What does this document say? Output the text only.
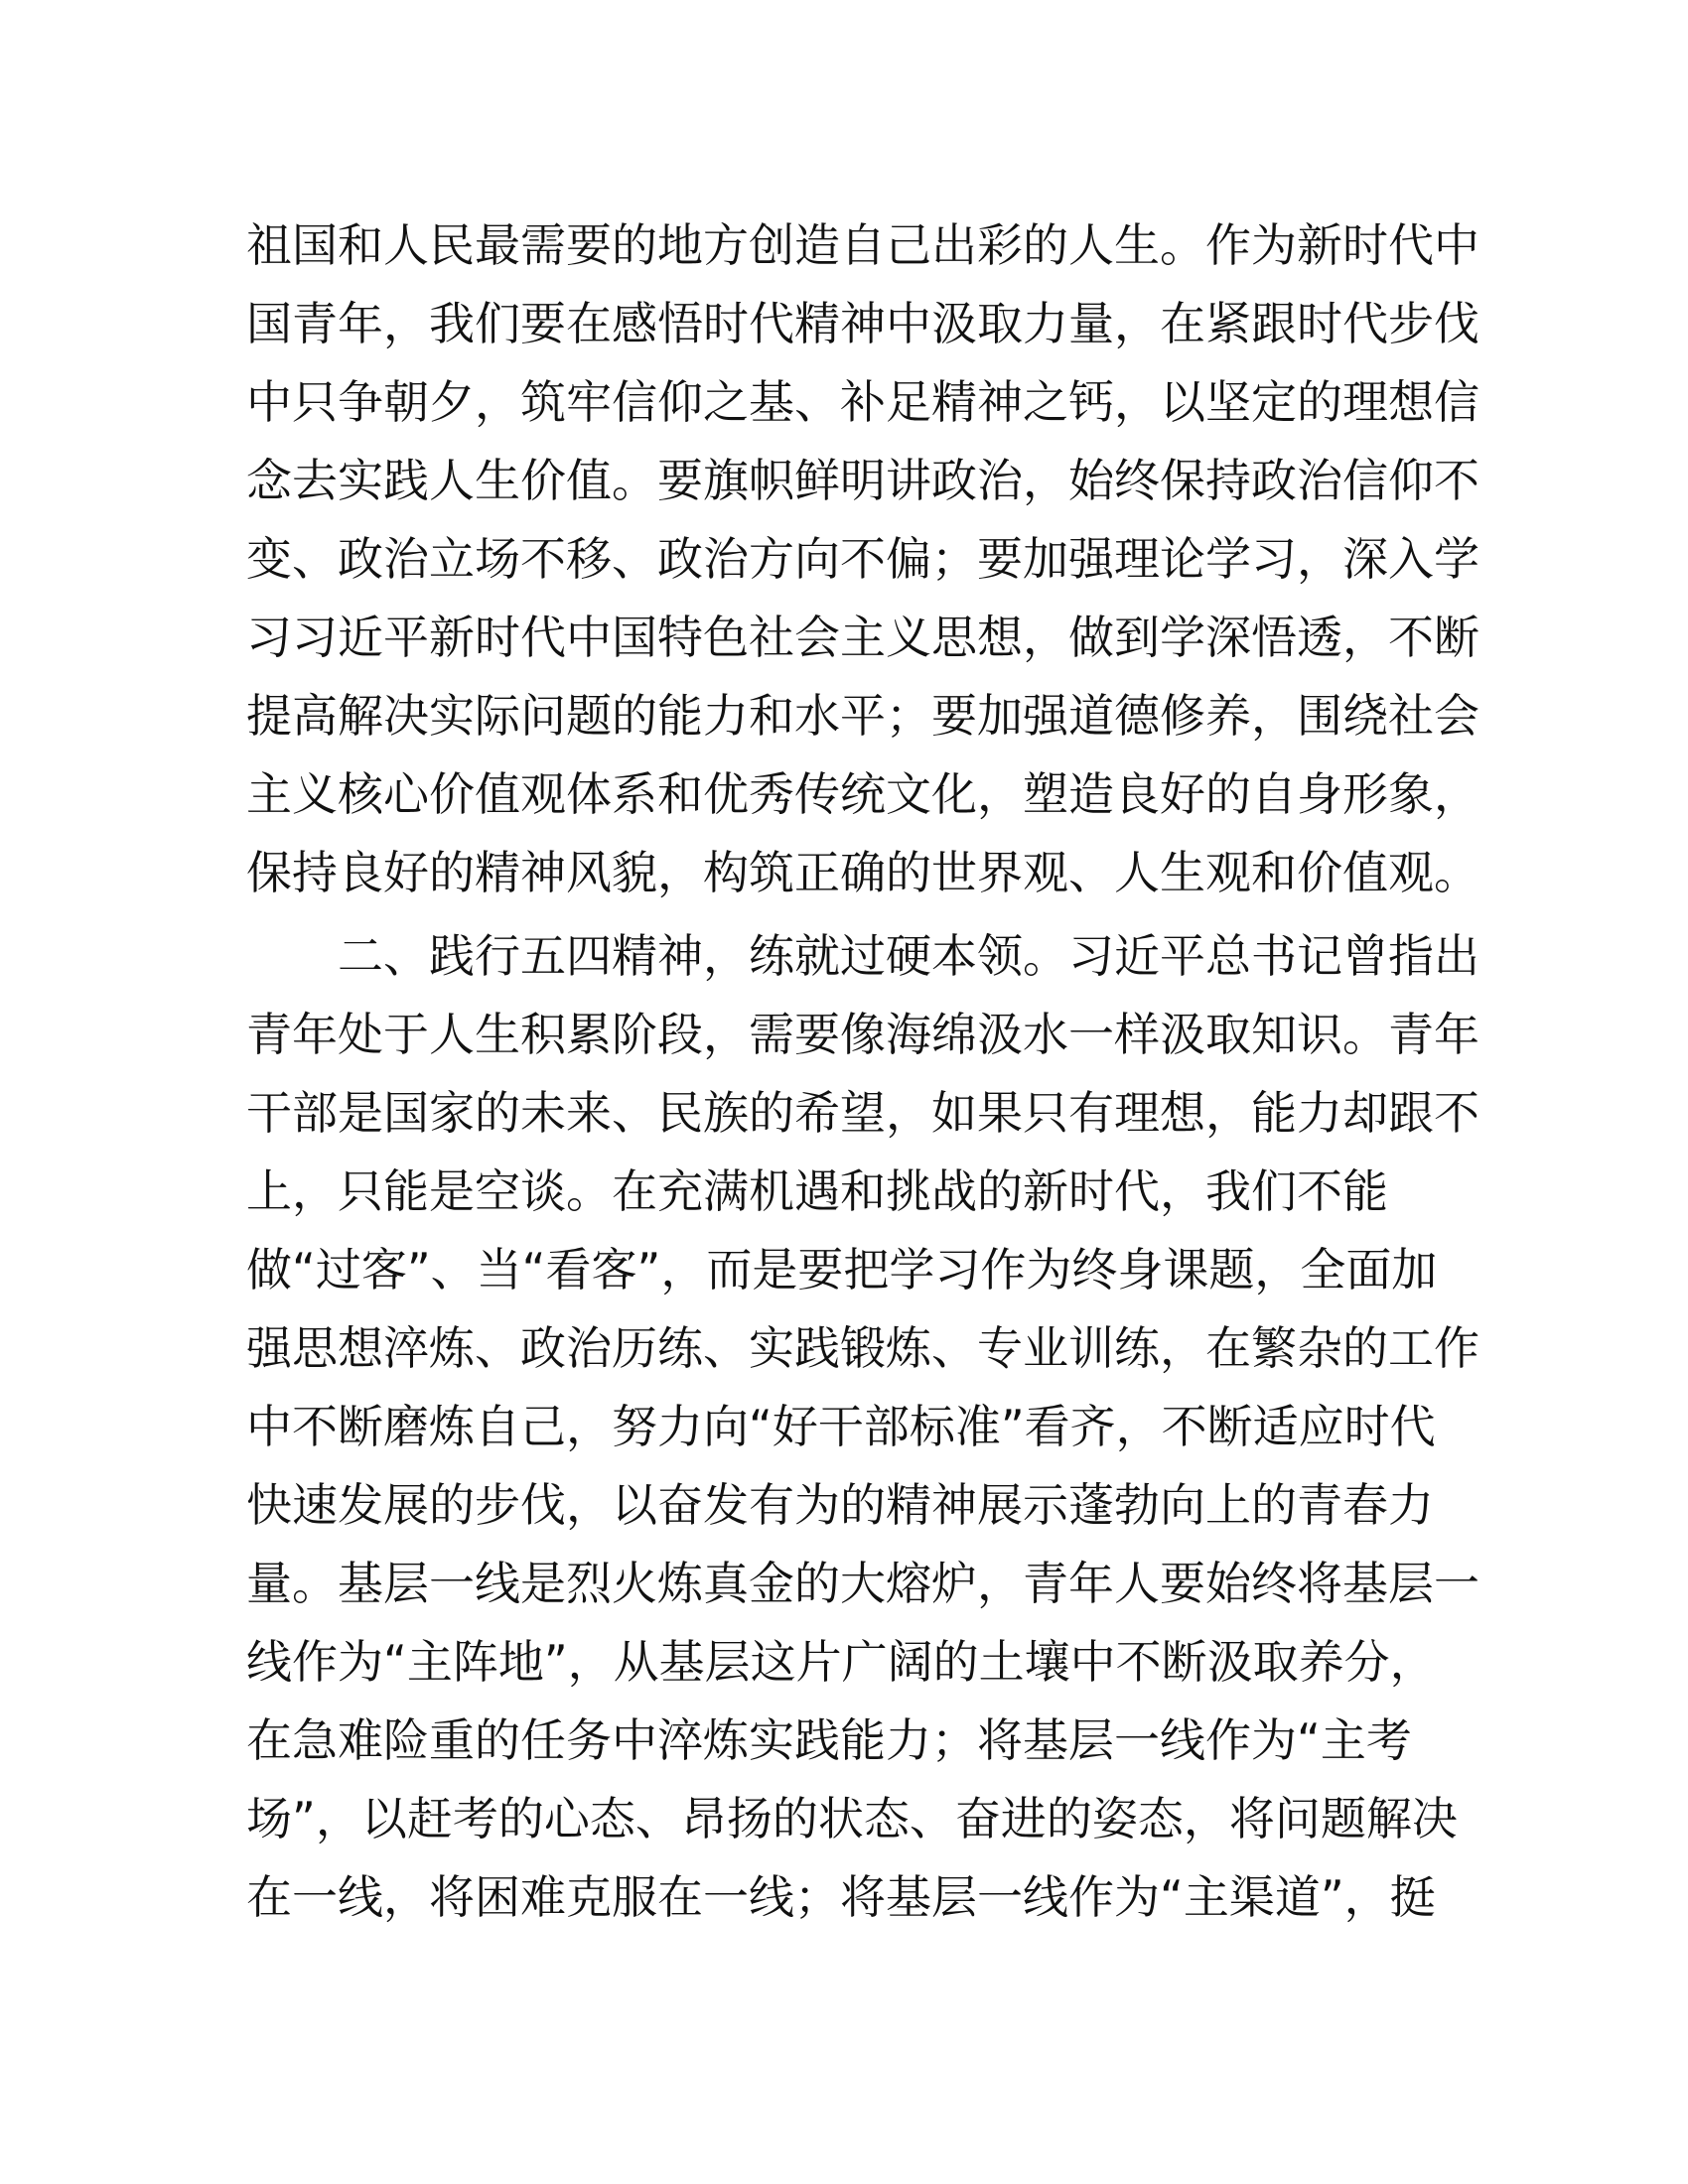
祖国和人民最需要的地方创造自己出彩的人生。作为新时代中
国青年，我们要在感悟时代精神中汲取力量，在紧跟时代步伐
中只争朝夕，筑牢信仰之基、补足精神之钙，以坚定的理想信
念去实践人生价值。要旗帜鲜明讲政治，始终保持政治信仰不
变、政治立场不移、政治方向不偏；要加强理论学习，深入学
习习近平新时代中国特色社会主义思想，做到学深悟透，不断
提高解决实际问题的能力和水平；要加强道德修养，围绕社会
主义核心价值观体系和优秀传统文化，塑造良好的自身形象，
保持良好的精神风貌，构筑正确的世界观、人生观和价值观。
二、践行五四精神，练就过硬本领。习近平总书记曾指出
青年处于人生积累阶段，需要像海绵汲水一样汲取知识。青年
干部是国家的未来、民族的希望，如果只有理想，能力却跟不
上，只能是空谈。在充满机遇和挑战的新时代，我们不能
做“过客”、当“看客”，而是要把学习作为终身课题，全面加
强思想淬炼、政治历练、实践锻炼、专业训练，在繁杂的工作
中不断磨炼自己，努力向“好干部标准”看齐，不断适应时代
快速发展的步伐，以奋发有为的精神展示蓬勃向上的青春力
量。基层一线是烈火炼真金的大熔炉，青年人要始终将基层一
线作为“主阵地”，从基层这片广阔的土壤中不断汲取养分，
在急难险重的任务中淬炼实践能力；将基层一线作为“主考
场”，以赶考的心态、昂扬的状态、奋进的姿态，将问题解决
在一线，将困难克服在一线；将基层一线作为“主渠道”，挺
